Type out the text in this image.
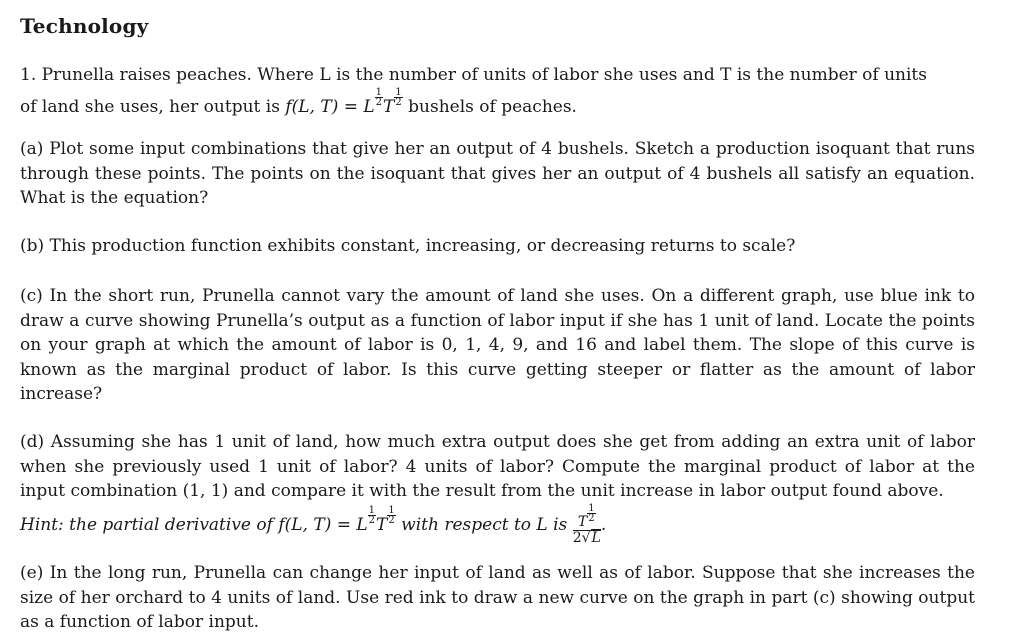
Technology
1. Prunella raises peaches. Where L is the number of units of labor she uses and T is the number of units
of land she uses, her output is f(L, T) = L $^{\frac{1}{2}}$ T $^{\frac{1}{2}}$ bushels of peaches.
(a) Plot some input combinations that give her an output of 4 bushels. Sketch a production isoquant that runs through these points. The points on the isoquant that gives her an output of 4 bushels all satisfy an equation. What is the equation?
(b) This production function exhibits constant, increasing, or decreasing returns to scale?
(c) In the short run, Prunella cannot vary the amount of land she uses. On a different graph, use blue ink to draw a curve showing Prunella’s output as a function of labor input if she has 1 unit of land. Locate the points on your graph at which the amount of labor is 0, 1, 4, 9, and 16 and label them. The slope of this curve is known as the marginal product of labor. Is this curve getting steeper or flatter as the amount of labor increase?
(d) Assuming she has 1 unit of land, how much extra output does she get from adding an extra unit of labor when she previously used 1 unit of labor? 4 units of labor? Compute the marginal product of labor at the input combination (1, 1) and compare it with the result from the unit increase in labor output found above.
Hint: the partial derivative of f(L, T) = L $^{\frac{1}{2}}$ T $^{\frac{1}{2}}$ with respect to L is T $^{\frac{1}{2}}$
2√L .
(e) In the long run, Prunella can change her input of land as well as of labor. Suppose that she increases the size of her orchard to 4 units of land. Use red ink to draw a new curve on the graph in part (c) showing output as a function of labor input.
